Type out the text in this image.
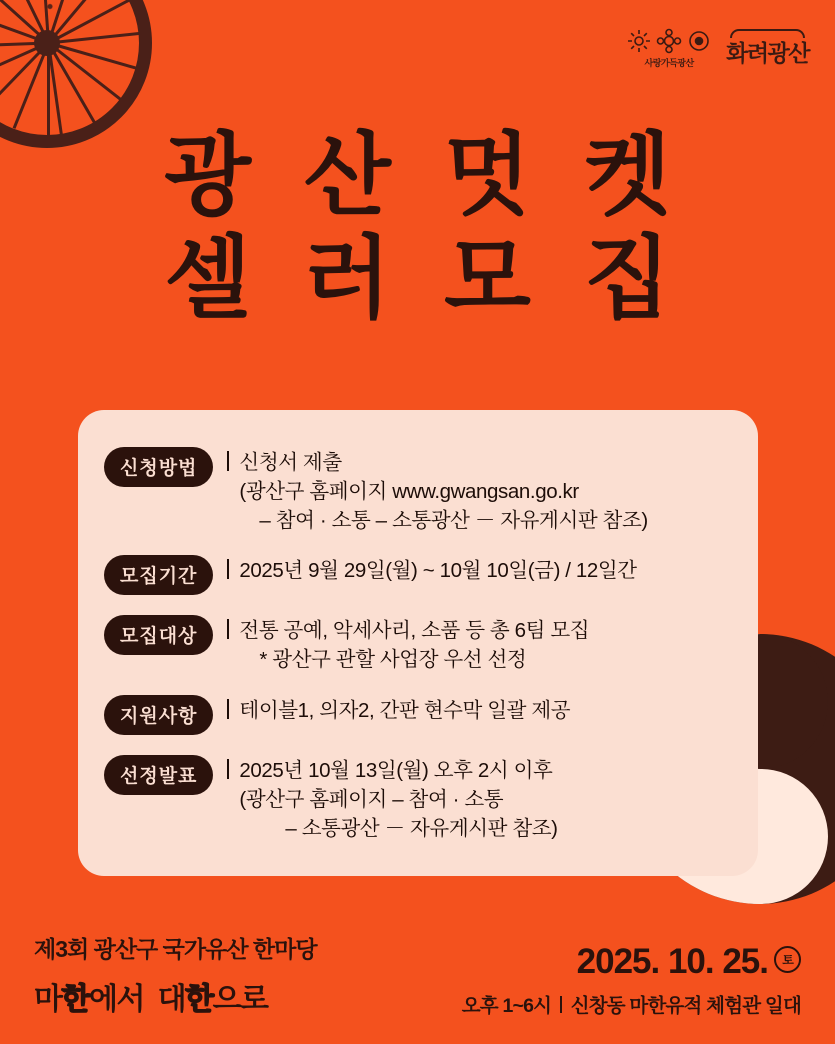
사랑가득광산 화려광산
광 산 멋 켓
셀 러 모 집
신청방법	신청서 제출
(광산구 홈페이지 www.gwangsan.go.kr
– 참여 · 소통 – 소통광산 － 자유게시판 참조)
모집기간	2025년 9월 29일(월) ~ 10월 10일(금) / 12일간
모집대상	전통 공예, 악세사리, 소품 등 총 6팀 모집
* 광산구 관할 사업장 우선 선정
지원사항	테이블1, 의자2, 간판 현수막 일괄 제공
선정발표	2025년 10월 13일(월) 오후 2시 이후
(광산구 홈페이지 – 참여 · 소통
– 소통광산 － 자유게시판 참조)
제3회 광산구 국가유산 한마당
마한에서 대한으로
2025. 10. 25.	토
오후 1~6시 신창동 마한유적 체험관 일대
